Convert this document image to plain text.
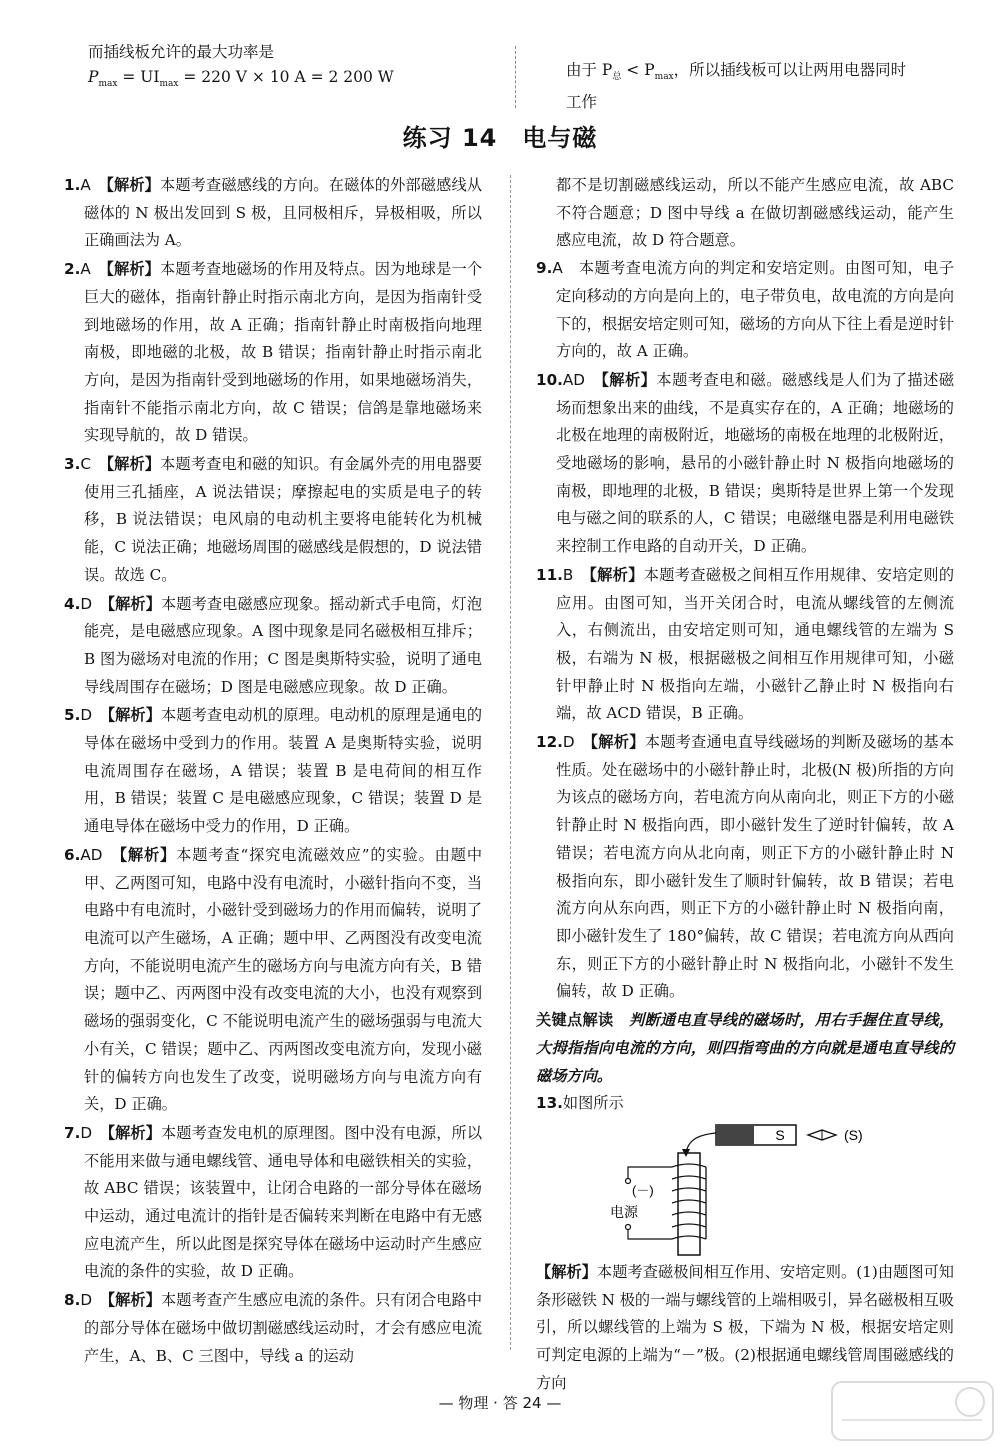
而插线板允许的最大功率是
$P_{max} = UI_{max} = 220$ V × 10 A = 2 200 W	由于 $P_总 < P_{max}$，所以插线板可以让两用电器同时
工作
练习 14　电与磁
1.A　 【解析】本题考查磁感线的方向。在磁体的外部磁感线从磁体的 N 极出发回到 S 极，且同极相斥，异极相吸，所以正确画法为 A。
2.A　 【解析】本题考查地磁场的作用及特点。因为地球是一个巨大的磁体，指南针静止时指示南北方向，是因为指南针受到地磁场的作用，故 A 正确；指南针静止时南极指向地理南极，即地磁的北极，故 B 错误；指南针静止时指示南北方向，是因为指南针受到地磁场的作用，如果地磁场消失，指南针不能指示南北方向，故 C 错误；信鸽是靠地磁场来实现导航的，故 D 错误。
3.C　 【解析】本题考查电和磁的知识。有金属外壳的用电器要使用三孔插座，A 说法错误；摩擦起电的实质是电子的转移，B 说法错误；电风扇的电动机主要将电能转化为机械能，C 说法正确；地磁场周围的磁感线是假想的，D 说法错误。故选 C。
4.D　 【解析】本题考查电磁感应现象。摇动新式手电筒，灯泡能亮，是电磁感应现象。A 图中现象是同名磁极相互排斥；B 图为磁场对电流的作用；C 图是奥斯特实验，说明了通电导线周围存在磁场；D 图是电磁感应现象。故 D 正确。
5.D　 【解析】本题考查电动机的原理。电动机的原理是通电的导体在磁场中受到力的作用。装置 A 是奥斯特实验，说明电流周围存在磁场，A 错误；装置 B 是电荷间的相互作用，B 错误；装置 C 是电磁感应现象，C 错误；装置 D 是通电导体在磁场中受力的作用，D 正确。
6.AD　 【解析】本题考查“探究电流磁效应”的实验。由题中甲、乙两图可知，电路中没有电流时，小磁针指向不变，当电路中有电流时，小磁针受到磁场力的作用而偏转，说明了电流可以产生磁场，A 正确；题中甲、乙两图没有改变电流方向，不能说明电流产生的磁场方向与电流方向有关，B 错误；题中乙、丙两图中没有改变电流的大小，也没有观察到磁场的强弱变化，C 不能说明电流产生的磁场强弱与电流大小有关，C 错误；题中乙、丙两图改变电流方向，发现小磁针的偏转方向也发生了改变，说明磁场方向与电流方向有关，D 正确。
7.D　 【解析】本题考查发电机的原理图。图中没有电源，所以不能用来做与通电螺线管、通电导体和电磁铁相关的实验，故 ABC 错误；该装置中，让闭合电路的一部分导体在磁场中运动，通过电流计的指针是否偏转来判断在电路中有无感应电流产生，所以此图是探究导体在磁场中运动时产生感应电流的条件的实验，故 D 正确。
8.D　 【解析】本题考查产生感应电流的条件。只有闭合电路中的部分导体在磁场中做切割磁感线运动时，才会有感应电流产生，A、B、C 三图中，导线 a 的运动
都不是切割磁感线运动，所以不能产生感应电流，故 ABC 不符合题意；D 图中导线 a 在做切割磁感线运动，能产生感应电流，故 D 符合题意。
9.A　 本题考查电流方向的判定和安培定则。由图可知，电子定向移动的方向是向上的，电子带负电，故电流的方向是向下的，根据安培定则可知，磁场的方向从下往上看是逆时针方向的，故 A 正确。
10.AD　 【解析】本题考查电和磁。磁感线是人们为了描述磁场而想象出来的曲线，不是真实存在的，A 正确；地磁场的北极在地理的南极附近，地磁场的南极在地理的北极附近，受地磁场的影响，悬吊的小磁针静止时 N 极指向地磁场的南极，即地理的北极，B 错误；奥斯特是世界上第一个发现电与磁之间的联系的人，C 错误；电磁继电器是利用电磁铁来控制工作电路的自动开关，D 正确。
11.B　 【解析】本题考查磁极之间相互作用规律、安培定则的应用。由图可知，当开关闭合时，电流从螺线管的左侧流入，右侧流出，由安培定则可知，通电螺线管的左端为 S 极，右端为 N 极，根据磁极之间相互作用规律可知，小磁针甲静止时 N 极指向左端，小磁针乙静止时 N 极指向右端，故 ACD 错误，B 正确。
12.D　 【解析】本题考查通电直导线磁场的判断及磁场的基本性质。处在磁场中的小磁针静止时，北极(N 极)所指的方向为该点的磁场方向，若电流方向从南向北，则正下方的小磁针静止时 N 极指向西，即小磁针发生了逆时针偏转，故 A 错误；若电流方向从北向南，则正下方的小磁针静止时 N 极指向东，即小磁针发生了顺时针偏转，故 B 错误；若电流方向从东向西，则正下方的小磁针静止时 N 极指向南，即小磁针发生了 180°偏转，故 C 错误；若电流方向从西向东，则正下方的小磁针静止时 N 极指向北，小磁针不发生偏转，故 D 正确。
关键点解读　 判断通电直导线的磁场时，用右手握住直导线，大拇指指向电流的方向，则四指弯曲的方向就是通电直导线的磁场方向。
13.如图所示
S	(S)
(－)
电源
【解析】本题考查磁极间相互作用、安培定则。(1)由题图可知条形磁铁 N 极的一端与螺线管的上端相吸引，异名磁极相互吸引，所以螺线管的上端为 S 极，下端为 N 极，根据安培定则可判定电源的上端为“－”极。(2)根据通电螺线管周围磁感线的方向
— 物理 · 答 24 —
